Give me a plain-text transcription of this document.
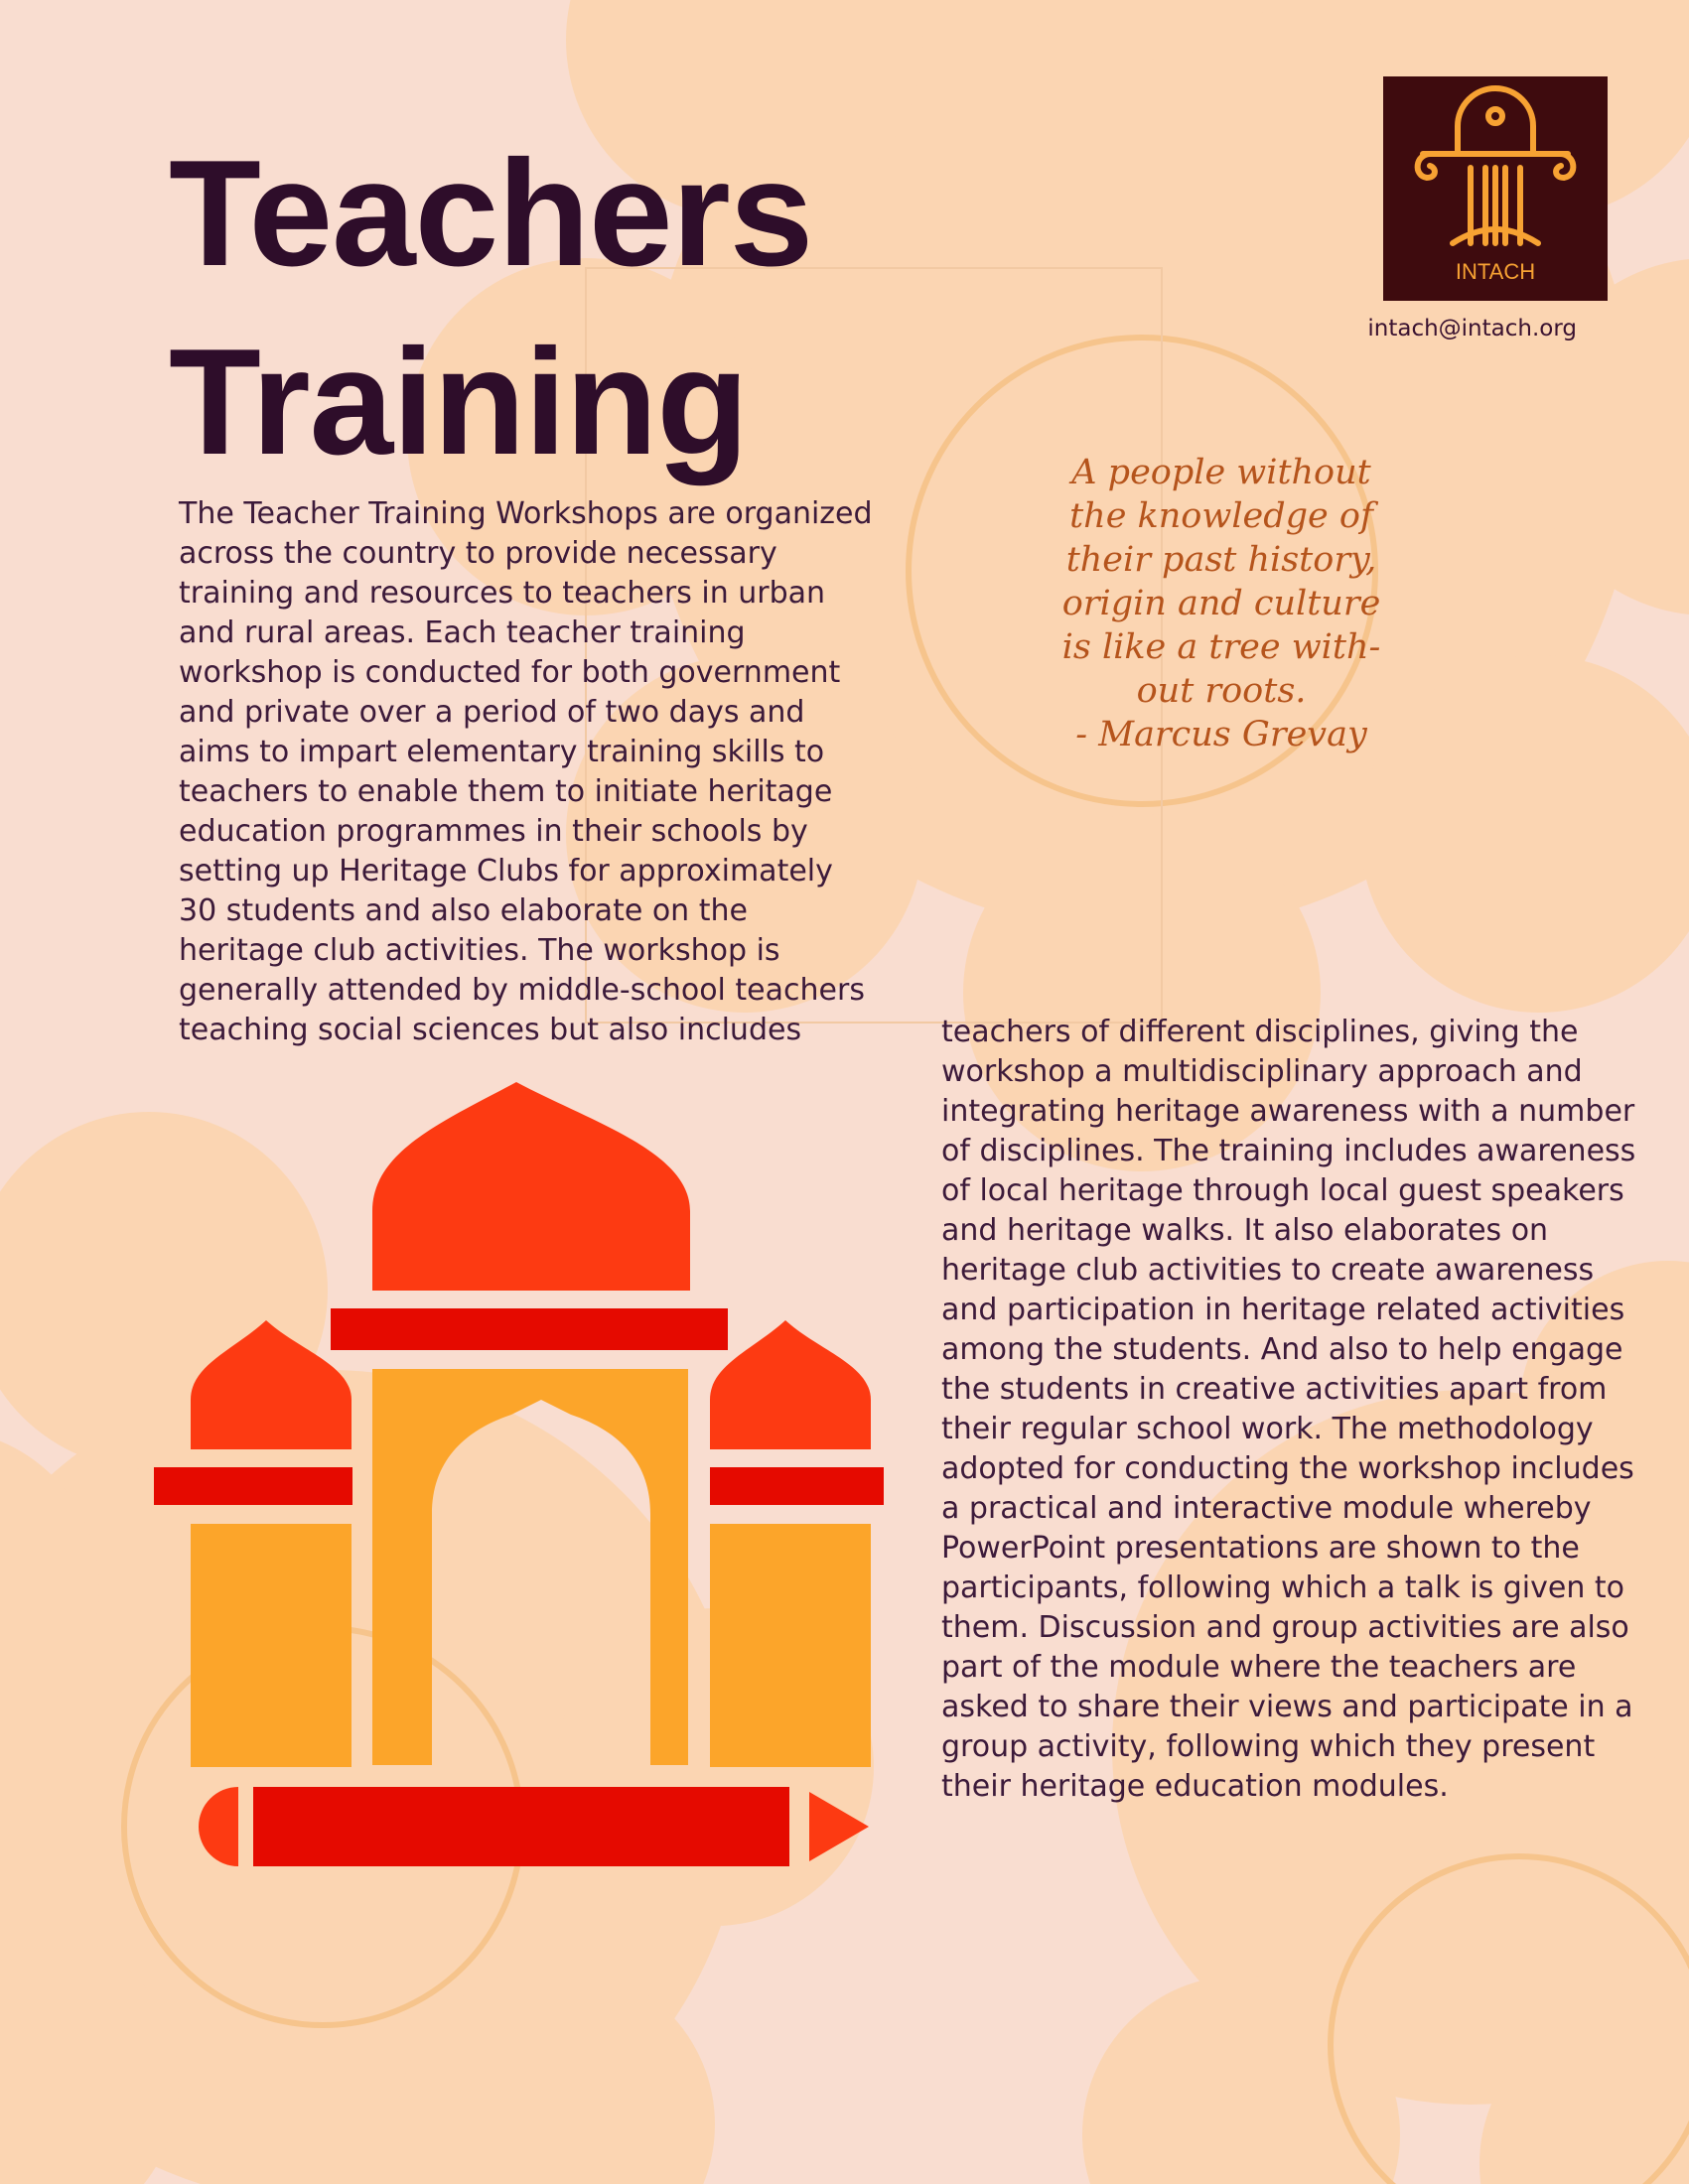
Teachers
Training
INTACH
intach@intach.org

A people without
the knowledge of
their past history,
origin and culture
is like a tree with-
out roots.
- Marcus Grevay

The Teacher Training Workshops are organized across the country to provide necessary training and resources to teachers in urban and rural areas. Each teacher training workshop is conducted for both government and private over a period of two days and aims to impart elementary training skills to teachers to enable them to initiate heritage education programmes in their schools by setting up Heritage Clubs for approximately 30 students and also elaborate on the heritage club activities. The workshop is generally attended by middle-school teachers teaching social sciences but also includes	teachers of different disciplines, giving the workshop a multidisciplinary approach and integrating heritage awareness with a number of disciplines. The training includes awareness of local heritage through local guest speakers and heritage walks. It also elaborates on heritage club activities to create awareness and participation in heritage related activities among the students. And also to help engage the students in creative activities apart from their regular school work. The methodology adopted for conducting the workshop includes a practical and interactive module whereby PowerPoint presentations are shown to the participants, following which a talk is given to them. Discussion and group activities are also part of the module where the teachers are asked to share their views and participate in a group activity, following which they present their heritage education modules.
